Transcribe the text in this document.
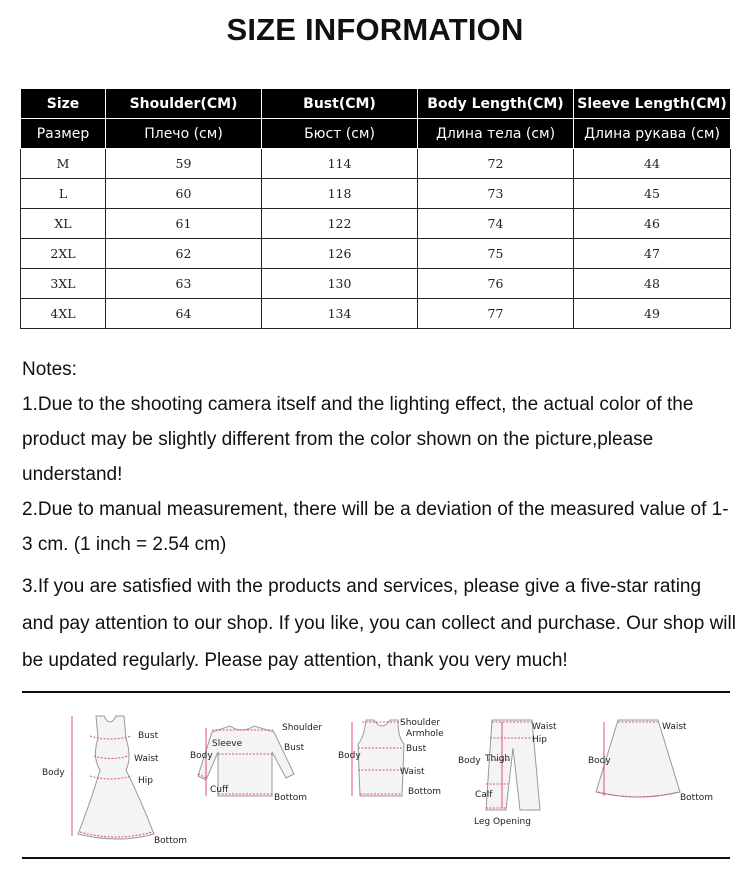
SIZE INFORMATION
Size	Shoulder(CM)	Bust(CM)	Body Length(CM)	Sleeve Length(CM)
Размер	Плечо (см)	Бюст (см)	Длина тела (см)	Длина рукава (см)
M	59	114	72	44
L	60	118	73	45
XL	61	122	74	46
2XL	62	126	75	47
3XL	63	130	76	48
4XL	64	134	77	49

Notes:

1.Due to the shooting camera itself and the lighting effect, the actual color of the product may be slightly different from the color shown on the picture,please understand!

2.Due to manual measurement, there will be a deviation of the measured value of 1-3 cm. (1 inch = 2.54 cm)

3.If you are satisfied with the products and services, please give a five-star rating and pay attention to our shop. If you like, you can collect and purchase. Our shop will be updated regularly. Please pay attention, thank you very much!

Bust
Waist
Hip
Body
Bottom
Shoulder
Sleeve	Bust
Body
Cuff
Bottom
Shoulder
Armhole
Bust
Body
Waist
Bottom
Waist
Hip
Body Thigh
Calf
Leg Opening
Waist
Body
Bottom
